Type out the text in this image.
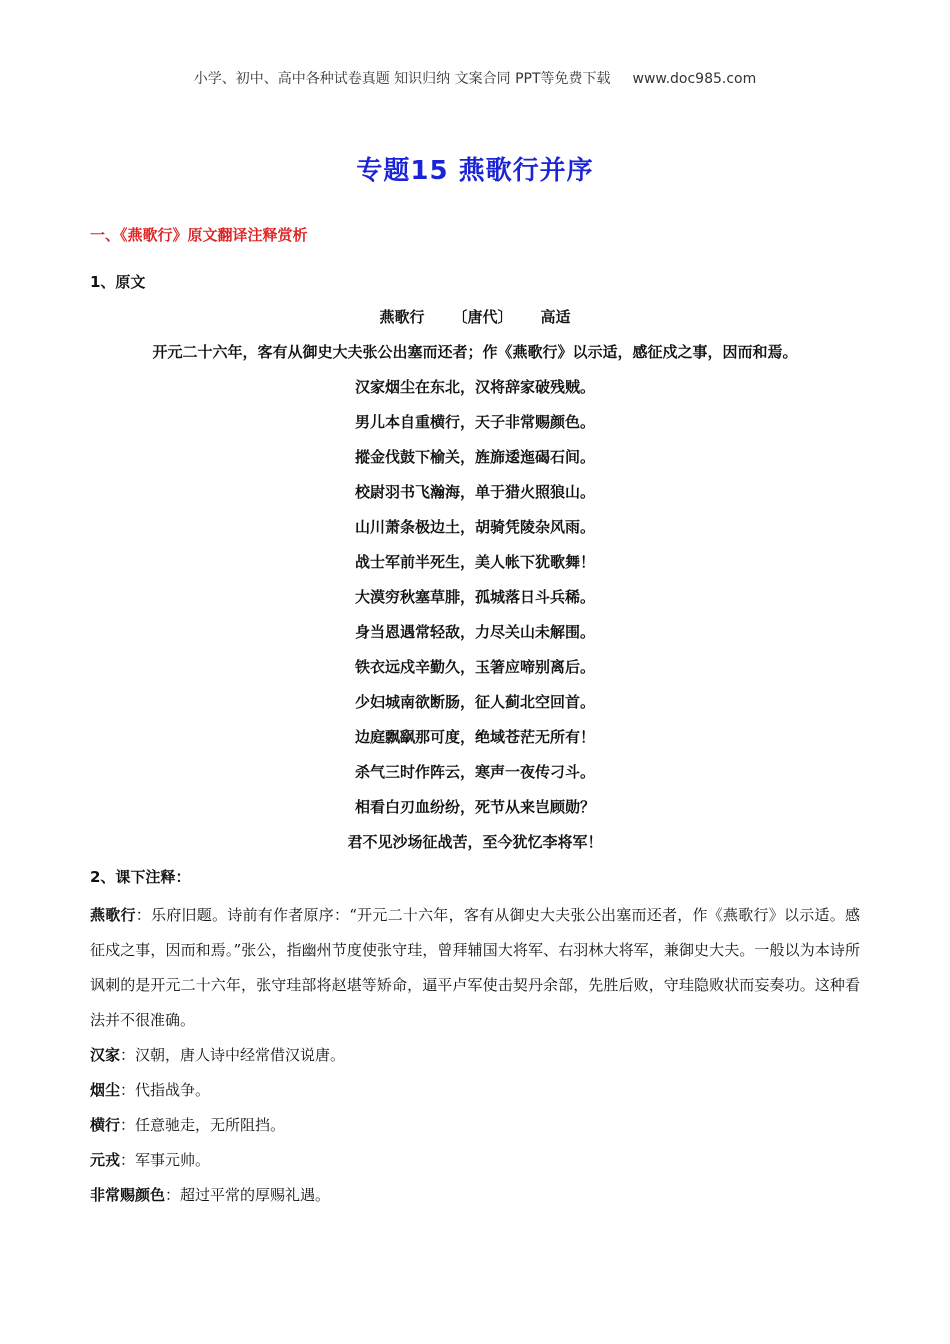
小学、初中、高中各种试卷真题 知识归纳 文案合同 PPT等免费下载 www.doc985.com
专题15 燕歌行并序
一、《燕歌行》原文翻译注释赏析
1、原文
燕歌行 〔唐代〕 高适
开元二十六年，客有从御史大夫张公出塞而还者；作《燕歌行》以示适，感征戍之事，因而和焉。
汉家烟尘在东北，汉将辞家破残贼。
男儿本自重横行，天子非常赐颜色。
摐金伐鼓下榆关，旌旆逶迤碣石间。
校尉羽书飞瀚海，单于猎火照狼山。
山川萧条极边土，胡骑凭陵杂风雨。
战士军前半死生，美人帐下犹歌舞！
大漠穷秋塞草腓，孤城落日斗兵稀。
身当恩遇常轻敌，力尽关山未解围。
铁衣远戍辛勤久，玉箸应啼别离后。
少妇城南欲断肠，征人蓟北空回首。
边庭飘飖那可度，绝域苍茫无所有！
杀气三时作阵云，寒声一夜传刁斗。
相看白刃血纷纷，死节从来岂顾勋？
君不见沙场征战苦，至今犹忆李将军！
2、课下注释：
燕歌行：乐府旧题。诗前有作者原序：“开元二十六年，客有从御史大夫张公出塞而还者，作《燕歌行》以示适。感征戍之事，因而和焉。”张公，指幽州节度使张守珪，曾拜辅国大将军、右羽林大将军，兼御史大夫。一般以为本诗所讽刺的是开元二十六年，张守珪部将赵堪等矫命，逼平卢军使击契丹余部，先胜后败，守珪隐败状而妄奏功。这种看法并不很准确。
汉家：汉朝，唐人诗中经常借汉说唐。
烟尘：代指战争。
横行：任意驰走，无所阻挡。
元戎：军事元帅。
非常赐颜色：超过平常的厚赐礼遇。
